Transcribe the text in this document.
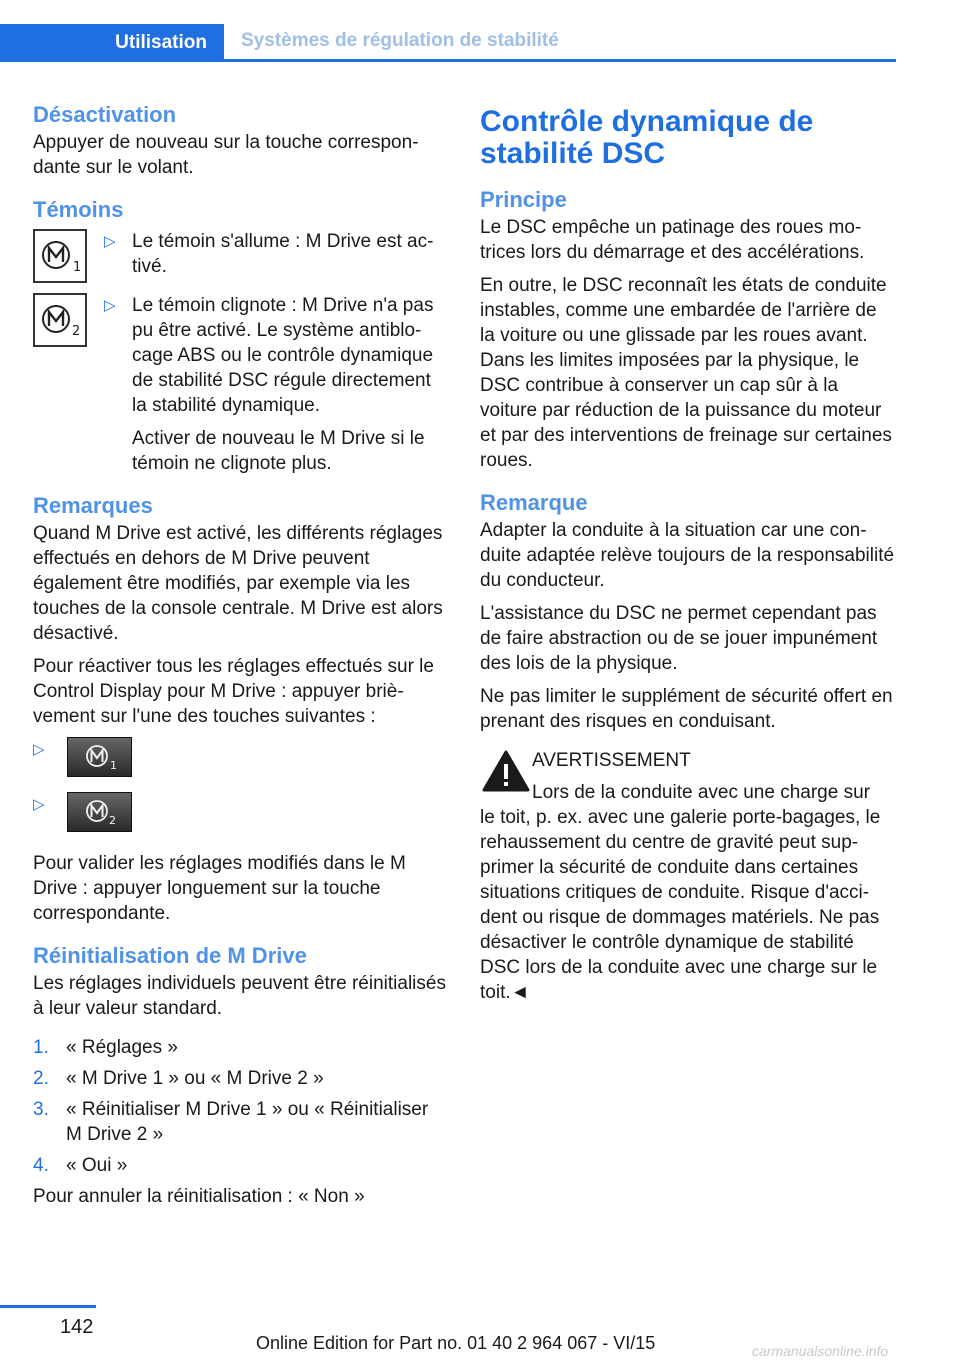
Utilisation	Systèmes de régulation de stabilité
Désactivation

Appuyer de nouveau sur la touche correspondante sur le volant.

Témoins
1
▷ Le témoin s'allume : M Drive est activé.

2
▷ Le témoin clignote : M Drive n'a pas pu être activé. Le système antiblocage ABS ou le contrôle dynamique de stabilité DSC régule directement la stabilité dynamique.

Activer de nouveau le M Drive si le témoin ne clignote plus.

Remarques

Quand M Drive est activé, les différents réglages effectués en dehors de M Drive peuvent également être modifiés, par exemple via les touches de la console centrale. M Drive est alors désactivé.

Pour réactiver tous les réglages effectués sur le Control Display pour M Drive : appuyer brièvement sur l'une des touches suivantes :

▷
1
▷
2

Pour valider les réglages modifiés dans le M Drive : appuyer longuement sur la touche correspondante.

Réinitialisation de M Drive

Les réglages individuels peuvent être réinitialisés à leur valeur standard.

1. « Réglages »

2. « M Drive 1 » ou « M Drive 2 »

3. « Réinitialiser M Drive 1 » ou « Réinitialiser M Drive 2 »

4. « Oui »

Pour annuler la réinitialisation : « Non »

Contrôle dynamique de stabilité DSC
Principe

Le DSC empêche un patinage des roues motrices lors du démarrage et des accélérations.

En outre, le DSC reconnaît les états de conduite instables, comme une embardée de l'arrière de la voiture ou une glissade par les roues avant. Dans les limites imposées par la physique, le DSC contribue à conserver un cap sûr à la voiture par réduction de la puissance du moteur et par des interventions de freinage sur certaines roues.

Remarque

Adapter la conduite à la situation car une conduite adaptée relève toujours de la responsabilité du conducteur.

L'assistance du DSC ne permet cependant pas de faire abstraction ou de se jouer impunément des lois de la physique.

Ne pas limiter le supplément de sécurité offert en prenant des risques en conduisant.

AVERTISSEMENT

Lors de la conduite avec une charge sur

le toit, p. ex. avec une galerie porte-bagages, le rehaussement du centre de gravité peut supprimer la sécurité de conduite dans certaines situations critiques de conduite. Risque d'accident ou risque de dommages matériels. Ne pas désactiver le contrôle dynamique de stabilité DSC lors de la conduite avec une charge sur le toit.◄

142
Online Edition for Part no. 01 40 2 964 067 - VI/15	carmanualsonline.info
